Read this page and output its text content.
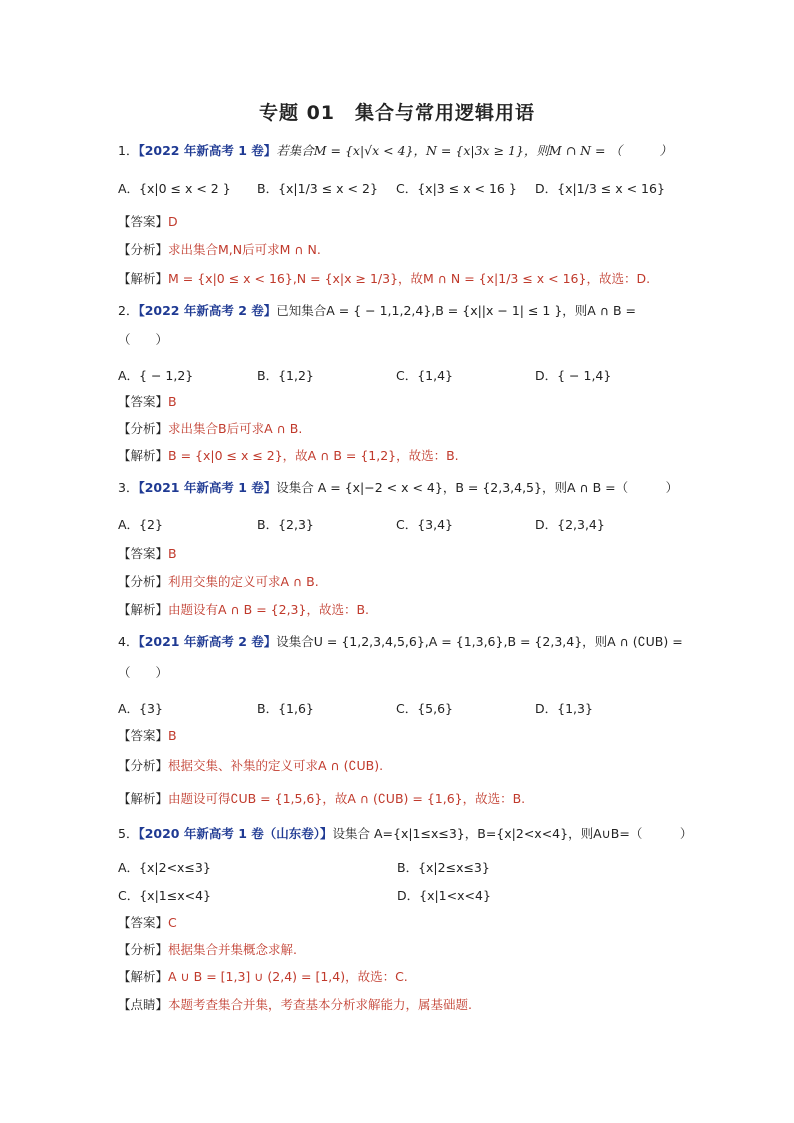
专题 01　集合与常用逻辑用语
1．【2022 年新高考 1 卷】若集合M = {x|√x < 4}，N = {x|3x ≥ 1}，则M ∩ N = （　　　）
A．{x|0 ≤ x < 2 } B．{x|1/3 ≤ x < 2} C．{x|3 ≤ x < 16 } D．{x|1/3 ≤ x < 16}
【答案】D
【分析】求出集合M,N后可求M ∩ N.
【解析】M = {x|0 ≤ x < 16},N = {x|x ≥ 1/3}，故M ∩ N = {x|1/3 ≤ x < 16}，故选：D.
2．【2022 年新高考 2 卷】已知集合A = { − 1,1,2,4},B = {x||x − 1| ≤ 1 }，则A ∩ B =
（　　）
A．{ − 1,2}	B．{1,2}	C．{1,4}	D．{ − 1,4}
【答案】B
【分析】求出集合B后可求A ∩ B.
【解析】B = {x|0 ≤ x ≤ 2}，故A ∩ B = {1,2}，故选：B.
3．【2021 年新高考 1 卷】设集合 A = {x|−2 < x < 4}，B = {2,3,4,5}，则A ∩ B =（　　　）
A．{2}	B．{2,3}	C．{3,4}	D．{2,3,4}
【答案】B
【分析】利用交集的定义可求A ∩ B.
【解析】由题设有A ∩ B = {2,3}，故选：B.
4．【2021 年新高考 2 卷】设集合U = {1,2,3,4,5,6},A = {1,3,6},B = {2,3,4}，则A ∩ (∁UB) =
（　　）
A．{3}	B．{1,6}	C．{5,6}	D．{1,3}
【答案】B
【分析】根据交集、补集的定义可求A ∩ (∁UB).
【解析】由题设可得∁UB = {1,5,6}，故A ∩ (∁UB) = {1,6}，故选：B.
5．【2020 年新高考 1 卷（山东卷）】设集合 A={x|1≤x≤3}，B={x|2<x<4}，则A∪B=（　　　）
A．{x|2<x≤3}	B．{x|2≤x≤3}
C．{x|1≤x<4}	D．{x|1<x<4}
【答案】C
【分析】根据集合并集概念求解.
【解析】A ∪ B = [1,3] ∪ (2,4) = [1,4)，故选：C.
【点睛】本题考查集合并集，考查基本分析求解能力，属基础题.
